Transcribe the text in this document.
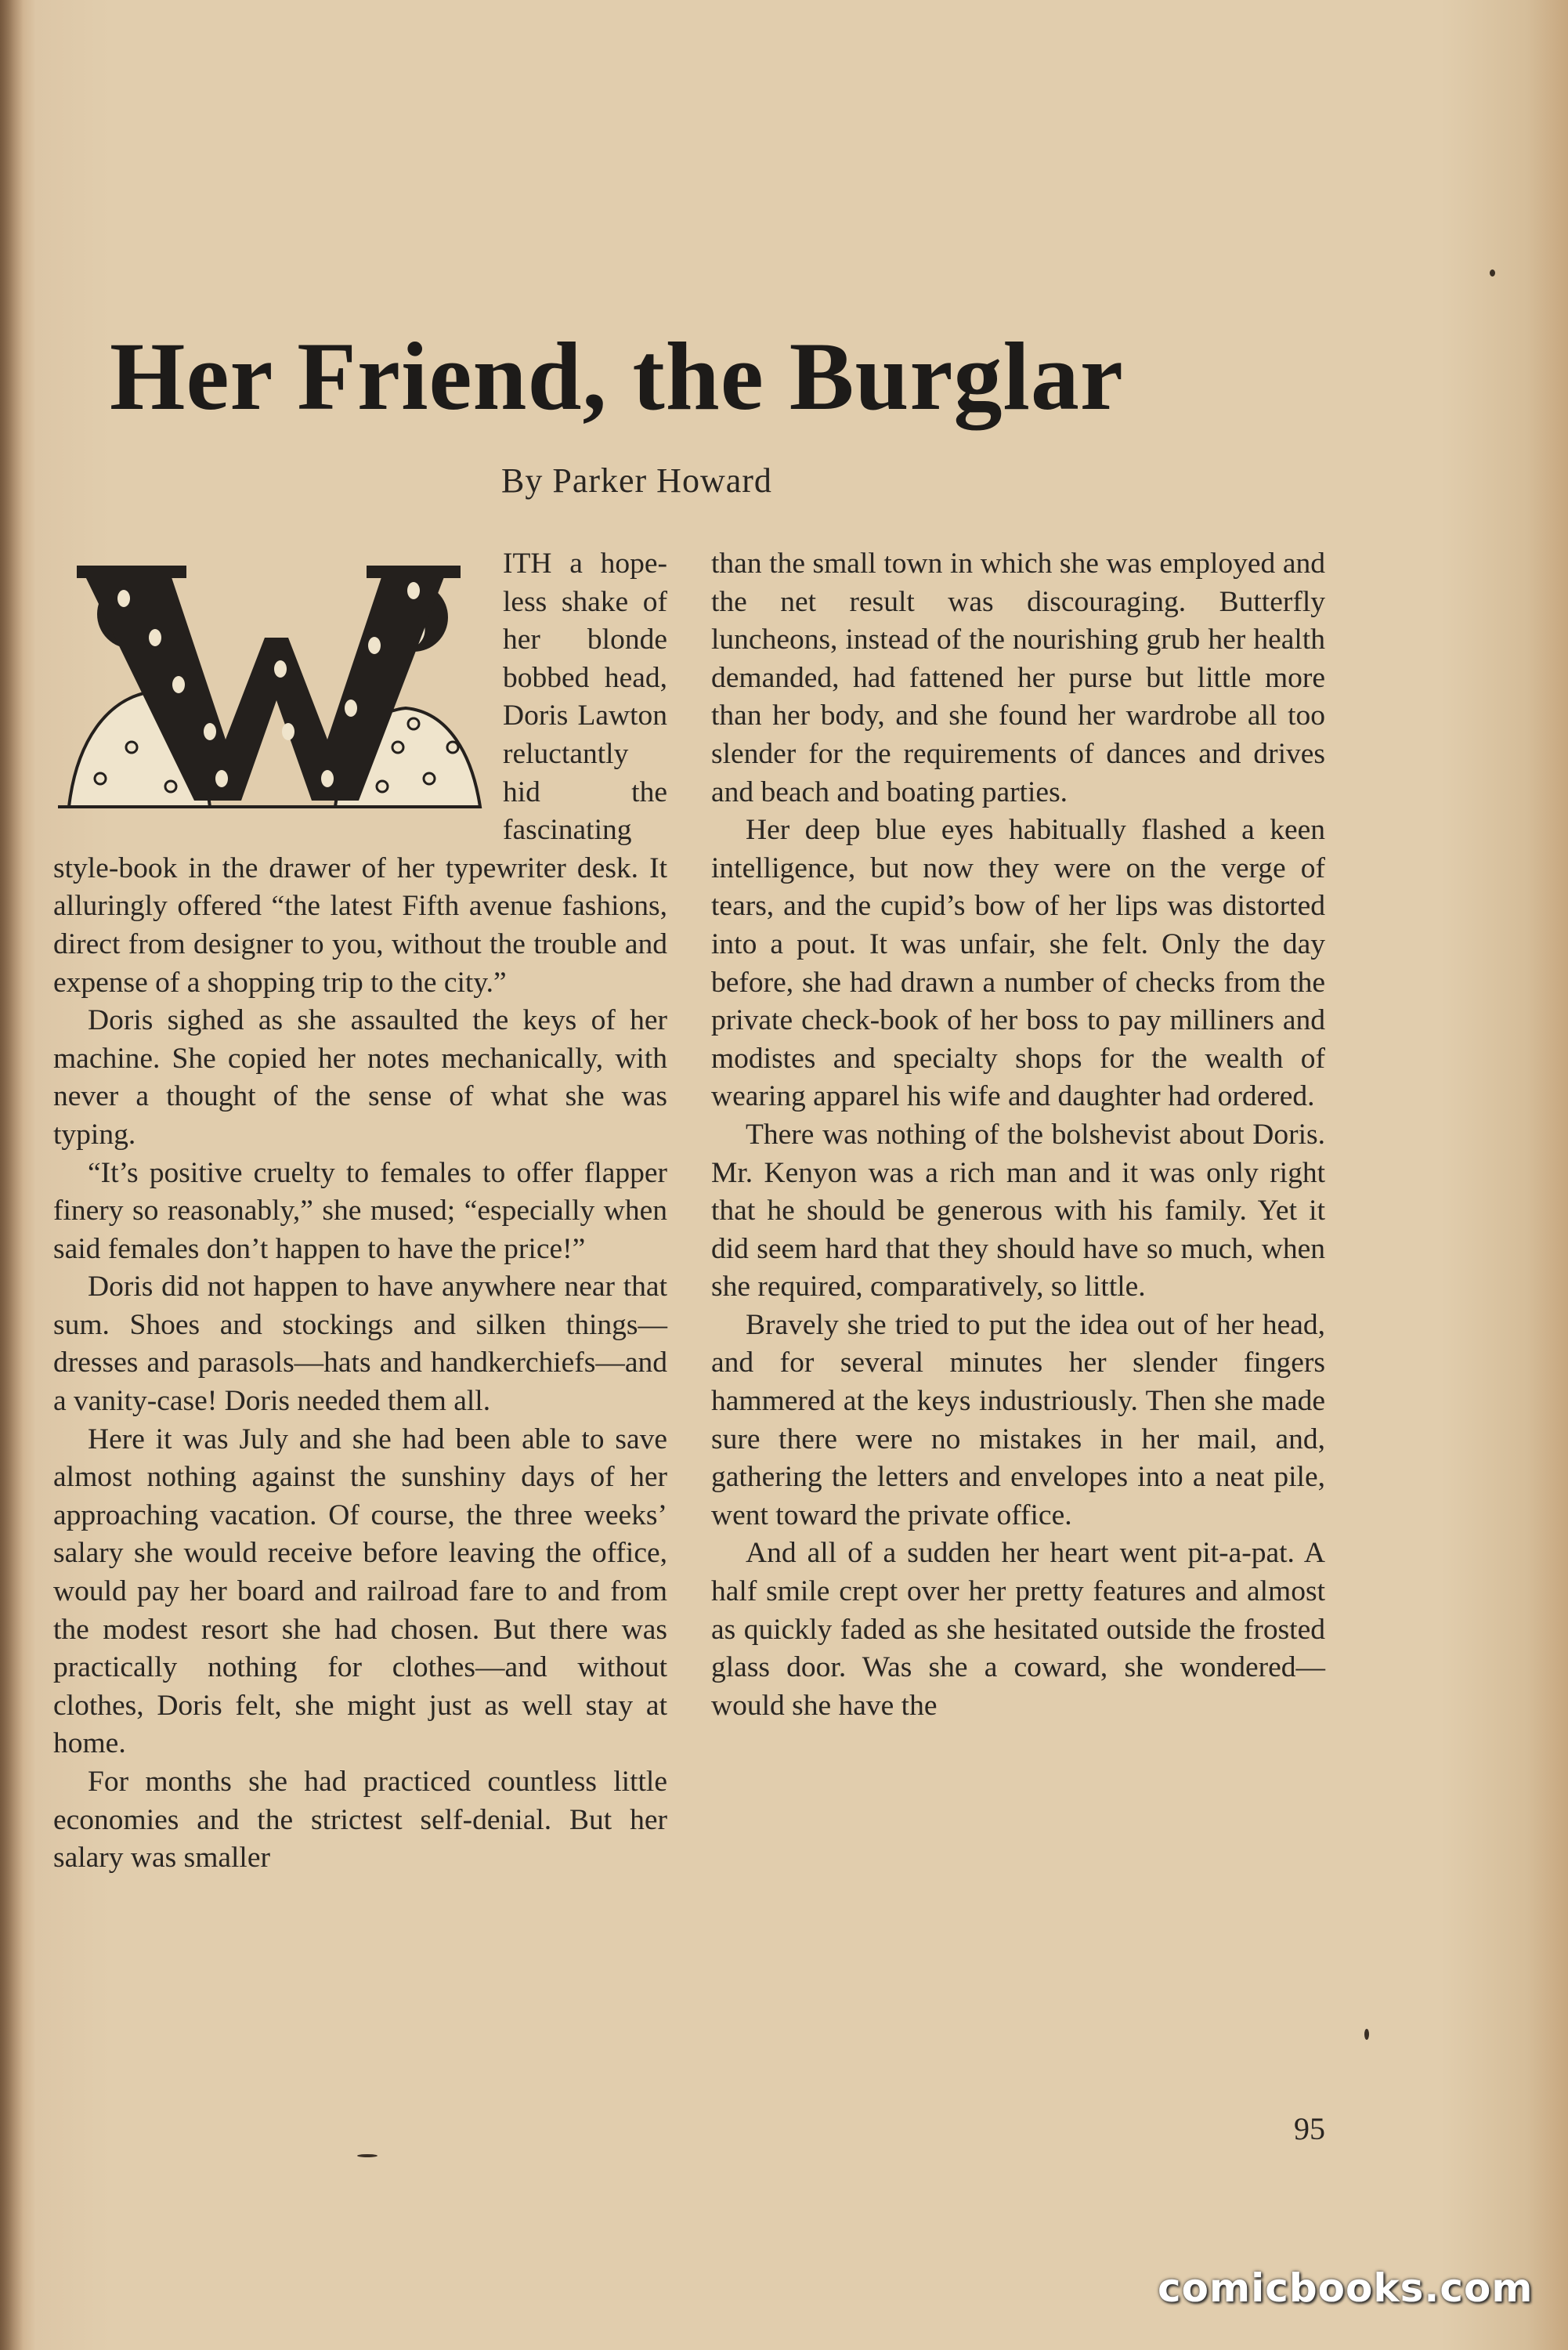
Her Friend, the Burglar
By Parker Howard

ITH a hopeless shake of her blonde bobbed head, Doris Lawton reluctantly hid the fascinating style-book in the drawer of her typewriter desk. It alluringly offered “the latest Fifth avenue fashions, direct from designer to you, without the trouble and expense of a shopping trip to the city.”

Doris sighed as she assaulted the keys of her machine. She copied her notes mechanically, with never a thought of the sense of what she was typing.

“It’s positive cruelty to females to offer flapper finery so reasonably,” she mused; “especially when said females don’t happen to have the price!”

Doris did not happen to have anywhere near that sum. Shoes and stockings and silken things—dresses and parasols—hats and handkerchiefs—and a vanity-case! Doris needed them all.

Here it was July and she had been able to save almost nothing against the sunshiny days of her approaching vacation. Of course, the three weeks’ salary she would receive before leaving the office, would pay her board and railroad fare to and from the modest resort she had chosen. But there was practically nothing for clothes—and without clothes, Doris felt, she might just as well stay at home.

For months she had practiced countless little economies and the strictest self-denial. But her salary was smaller

than the small town in which she was employed and the net result was discouraging. Butterfly luncheons, instead of the nourishing grub her health demanded, had fattened her purse but little more than her body, and she found her wardrobe all too slender for the requirements of dances and drives and beach and boating parties.

Her deep blue eyes habitually flashed a keen intelligence, but now they were on the verge of tears, and the cupid’s bow of her lips was distorted into a pout. It was unfair, she felt. Only the day before, she had drawn a number of checks from the private check-book of her boss to pay milliners and modistes and specialty shops for the wealth of wearing apparel his wife and daughter had ordered.

There was nothing of the bolshevist about Doris. Mr. Kenyon was a rich man and it was only right that he should be generous with his family. Yet it did seem hard that they should have so much, when she required, comparatively, so little.

Bravely she tried to put the idea out of her head, and for several minutes her slender fingers hammered at the keys industriously. Then she made sure there were no mistakes in her mail, and, gathering the letters and envelopes into a neat pile, went toward the private office.

And all of a sudden her heart went pit-a-pat. A half smile crept over her pretty features and almost as quickly faded as she hesitated outside the frosted glass door. Was she a coward, she wondered—would she have the

95
comicbooks.com
